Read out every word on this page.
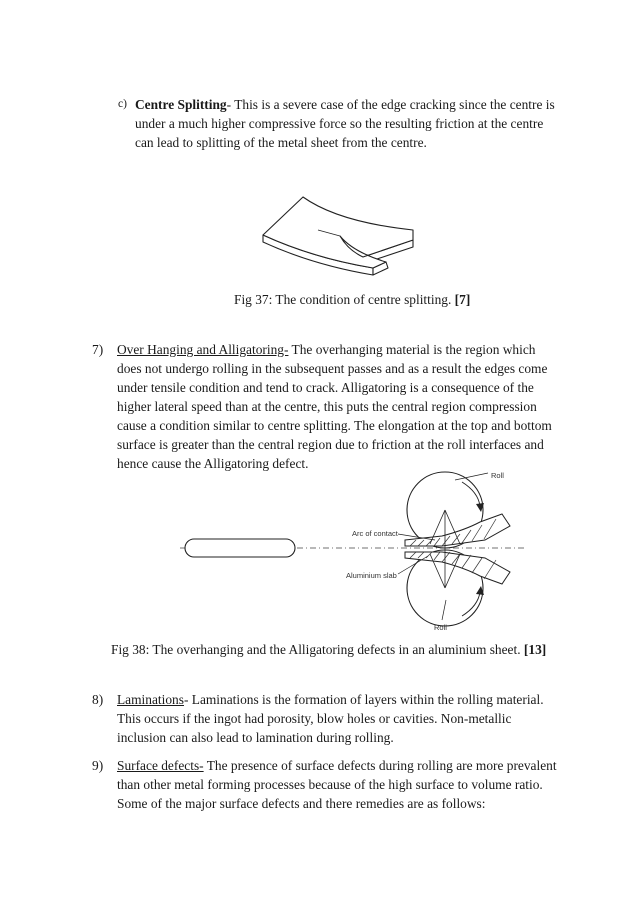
c) Centre Splitting- This is a severe case of the edge cracking since the centre is under a much higher compressive force so the resulting friction at the centre can lead to splitting of the metal sheet from the centre.
Fig 37: The condition of centre splitting. [7]
7) Over Hanging and Alligatoring- The overhanging material is the region which does not undergo rolling in the subsequent passes and as a result the edges come under tensile condition and tend to crack. Alligatoring is a consequence of the higher lateral speed than at the centre, this puts the central region compression cause a condition similar to centre splitting. The elongation at the top and bottom surface is greater than the central region due to friction at the roll interfaces and hence cause the Alligatoring defect.
Roll
Arc of contact
Aluminium slab
Roll
Fig 38: The overhanging and the Alligatoring defects in an aluminium sheet. [13]
8) Laminations- Laminations is the formation of layers within the rolling material. This occurs if the ingot had porosity, blow holes or cavities. Non-metallic inclusion can also lead to lamination during rolling.
9) Surface defects- The presence of surface defects during rolling are more prevalent than other metal forming processes because of the high surface to volume ratio. Some of the major surface defects and there remedies are as follows:
